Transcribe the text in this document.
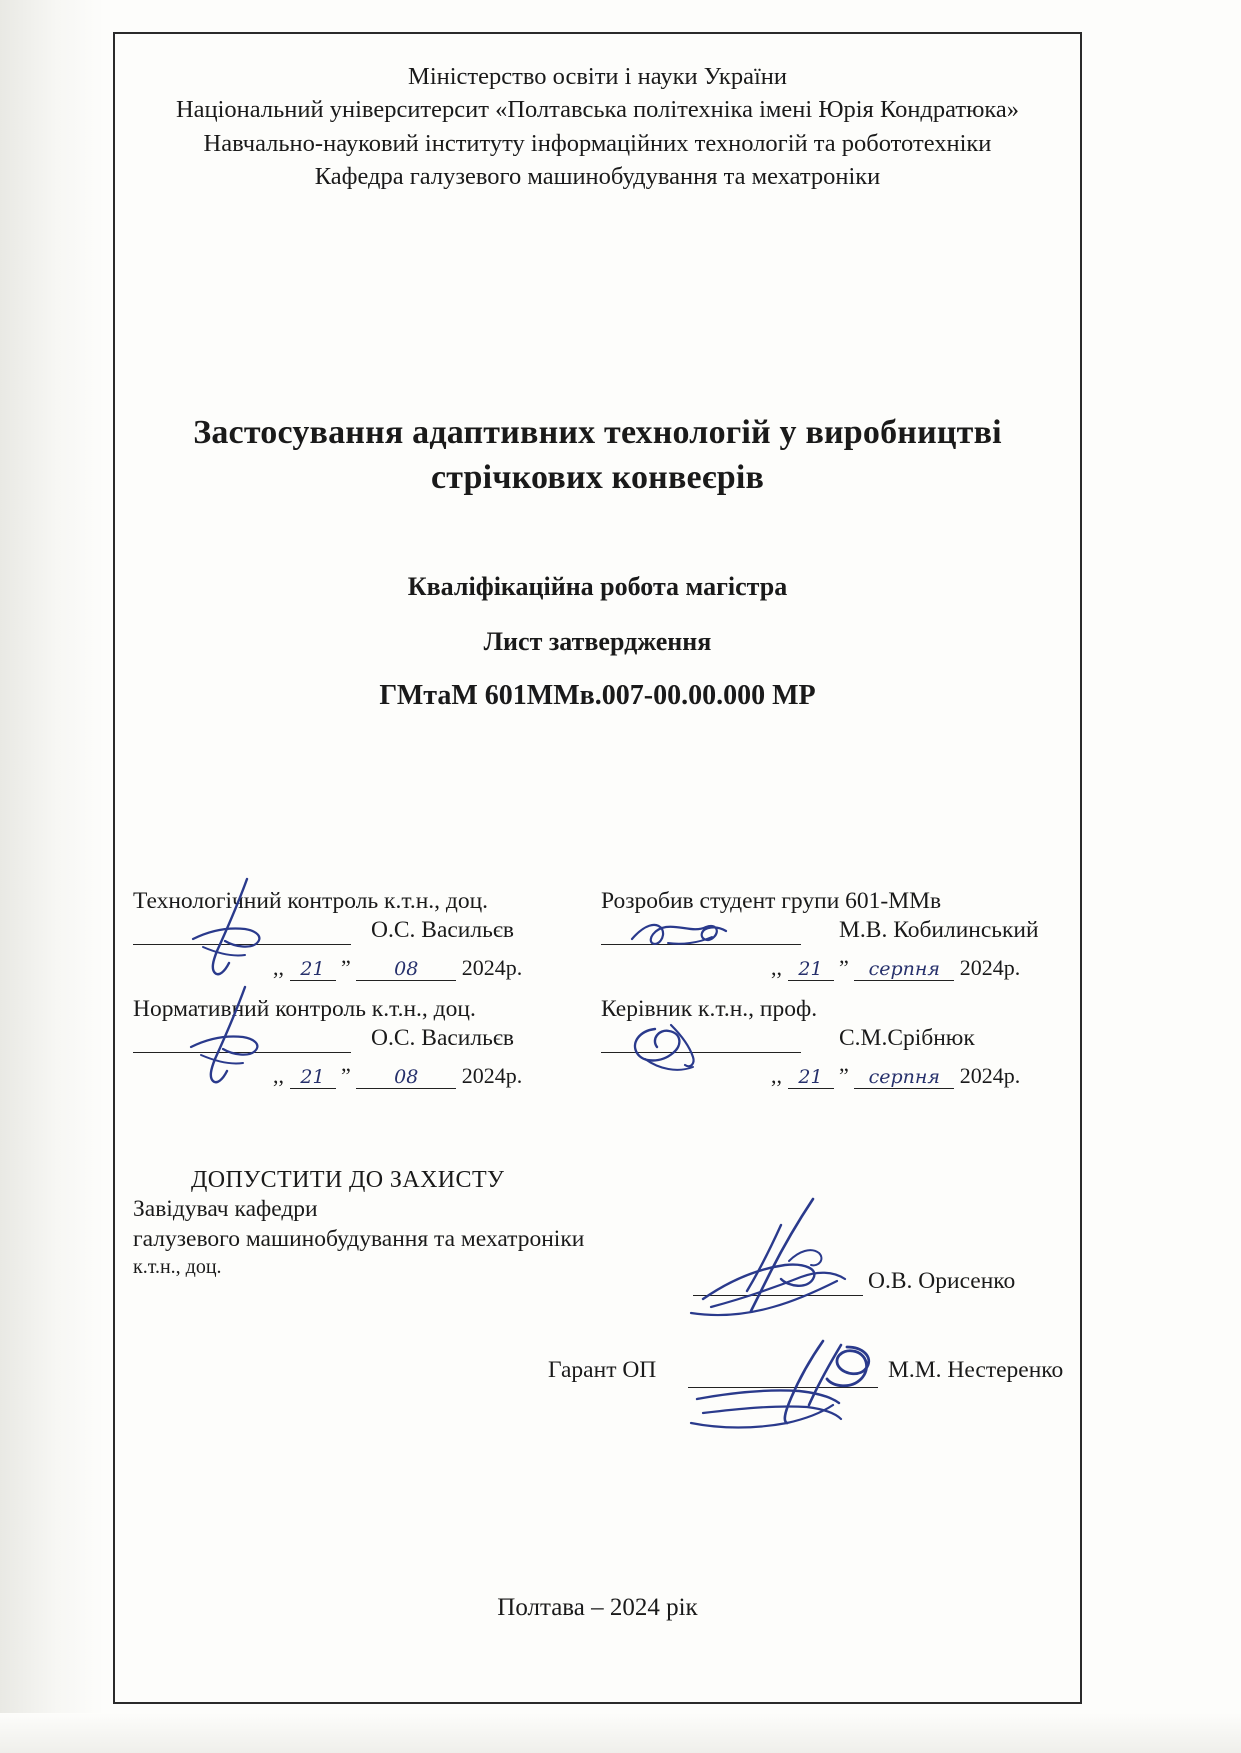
Міністерство освіти і науки України
Національний університерсит «Полтавська політехніка імені Юрія Кондратюка»
Навчально-науковий інституту інформаційних технологій та робототехніки
Кафедра галузевого машинобудування та мехатроніки
Застосування адаптивних технологій у виробництві стрічкових конвеєрів
Кваліфікаційна робота магістра
Лист затвердження
ГМтаМ 601ММв.007-00.00.000 МР
Технологічний контроль к.т.н., доц.
О.С. Васильєв
,, 21 ” 08 2024р.
Нормативний контроль к.т.н., доц.
О.С. Васильєв
,, 21 ” 08 2024р.
Розробив студент групи 601-ММв
М.В. Кобилинський
,, 21 ” серпня 2024р.
Керівник к.т.н., проф.
С.М.Срібнюк
,, 21 ” серпня 2024р.
ДОПУСТИТИ ДО ЗАХИСТУ
Завідувач кафедри
галузевого машинобудування та мехатроніки
к.т.н., доц.
О.В. Орисенко
Гарант ОП	М.М. Нестеренко
Полтава – 2024 рік
